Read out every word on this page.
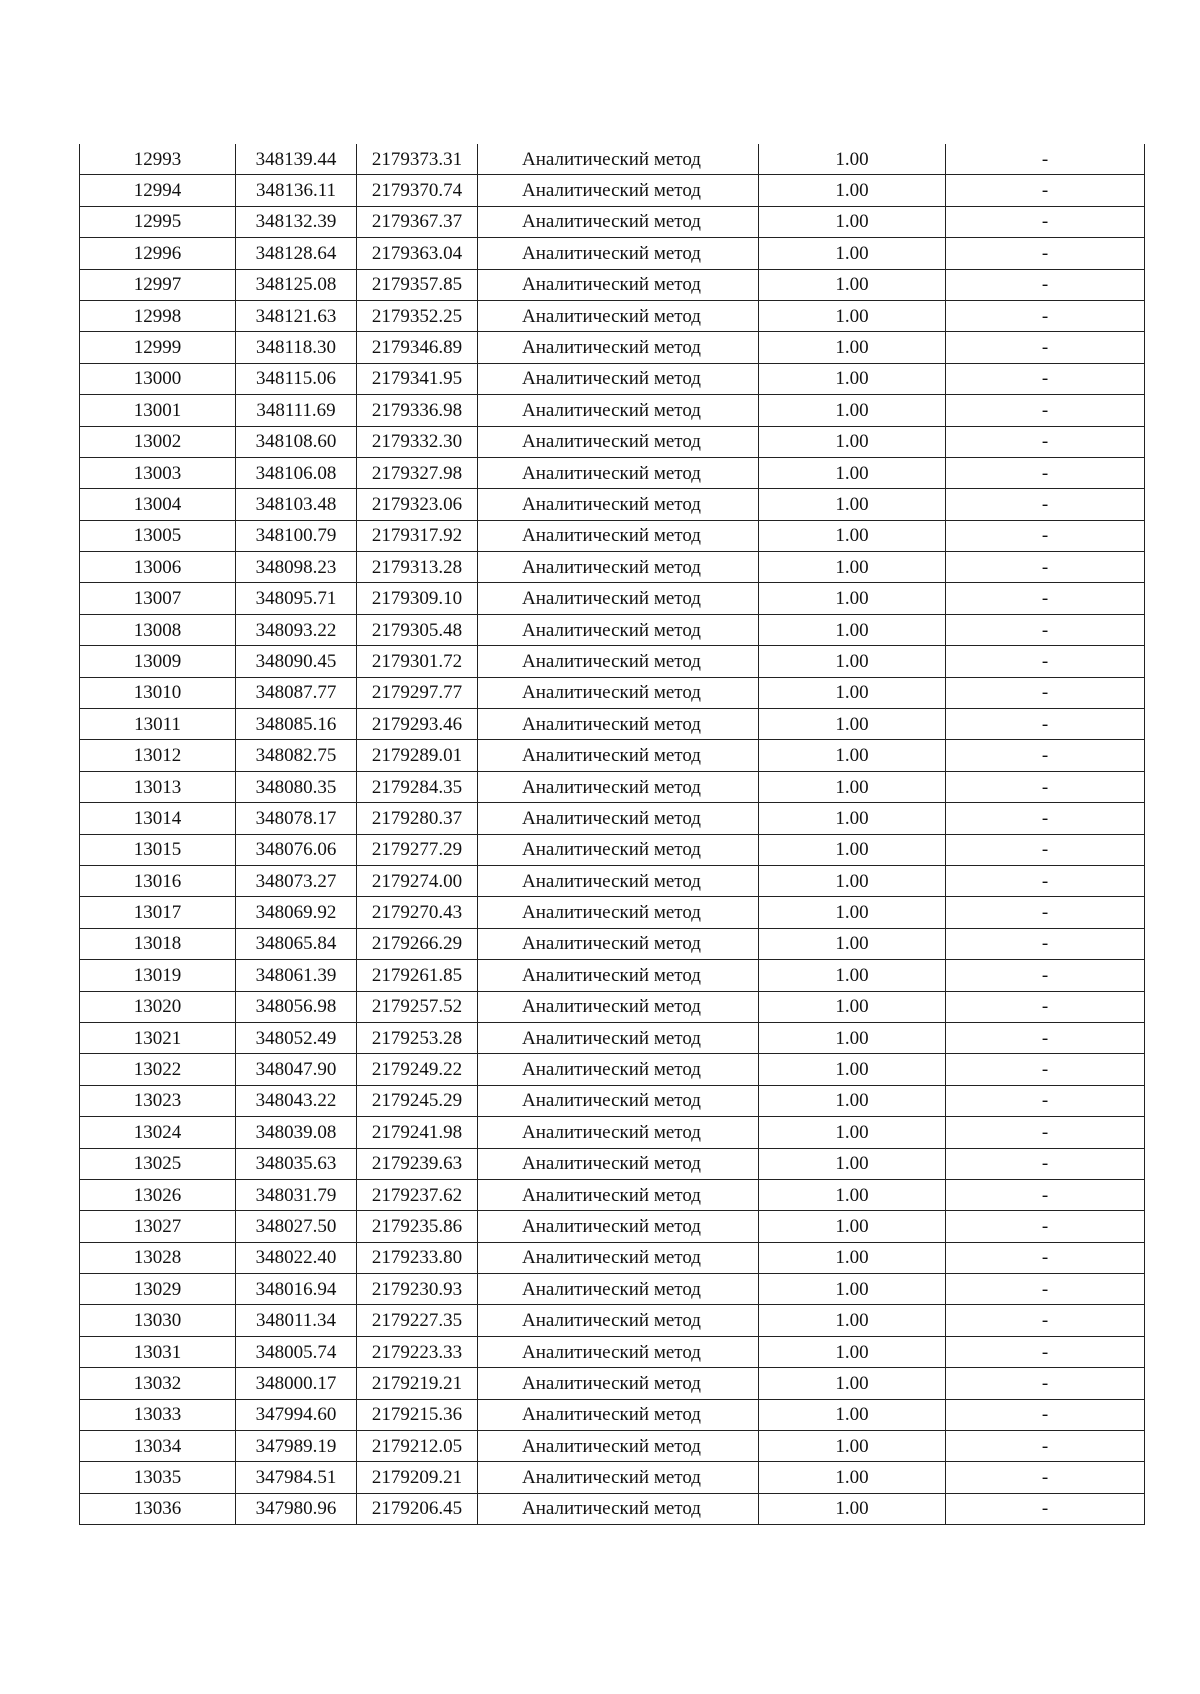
12993	348139.44	2179373.31	Аналитический метод	1.00	-
12994	348136.11	2179370.74	Аналитический метод	1.00	-
12995	348132.39	2179367.37	Аналитический метод	1.00	-
12996	348128.64	2179363.04	Аналитический метод	1.00	-
12997	348125.08	2179357.85	Аналитический метод	1.00	-
12998	348121.63	2179352.25	Аналитический метод	1.00	-
12999	348118.30	2179346.89	Аналитический метод	1.00	-
13000	348115.06	2179341.95	Аналитический метод	1.00	-
13001	348111.69	2179336.98	Аналитический метод	1.00	-
13002	348108.60	2179332.30	Аналитический метод	1.00	-
13003	348106.08	2179327.98	Аналитический метод	1.00	-
13004	348103.48	2179323.06	Аналитический метод	1.00	-
13005	348100.79	2179317.92	Аналитический метод	1.00	-
13006	348098.23	2179313.28	Аналитический метод	1.00	-
13007	348095.71	2179309.10	Аналитический метод	1.00	-
13008	348093.22	2179305.48	Аналитический метод	1.00	-
13009	348090.45	2179301.72	Аналитический метод	1.00	-
13010	348087.77	2179297.77	Аналитический метод	1.00	-
13011	348085.16	2179293.46	Аналитический метод	1.00	-
13012	348082.75	2179289.01	Аналитический метод	1.00	-
13013	348080.35	2179284.35	Аналитический метод	1.00	-
13014	348078.17	2179280.37	Аналитический метод	1.00	-
13015	348076.06	2179277.29	Аналитический метод	1.00	-
13016	348073.27	2179274.00	Аналитический метод	1.00	-
13017	348069.92	2179270.43	Аналитический метод	1.00	-
13018	348065.84	2179266.29	Аналитический метод	1.00	-
13019	348061.39	2179261.85	Аналитический метод	1.00	-
13020	348056.98	2179257.52	Аналитический метод	1.00	-
13021	348052.49	2179253.28	Аналитический метод	1.00	-
13022	348047.90	2179249.22	Аналитический метод	1.00	-
13023	348043.22	2179245.29	Аналитический метод	1.00	-
13024	348039.08	2179241.98	Аналитический метод	1.00	-
13025	348035.63	2179239.63	Аналитический метод	1.00	-
13026	348031.79	2179237.62	Аналитический метод	1.00	-
13027	348027.50	2179235.86	Аналитический метод	1.00	-
13028	348022.40	2179233.80	Аналитический метод	1.00	-
13029	348016.94	2179230.93	Аналитический метод	1.00	-
13030	348011.34	2179227.35	Аналитический метод	1.00	-
13031	348005.74	2179223.33	Аналитический метод	1.00	-
13032	348000.17	2179219.21	Аналитический метод	1.00	-
13033	347994.60	2179215.36	Аналитический метод	1.00	-
13034	347989.19	2179212.05	Аналитический метод	1.00	-
13035	347984.51	2179209.21	Аналитический метод	1.00	-
13036	347980.96	2179206.45	Аналитический метод	1.00	-
